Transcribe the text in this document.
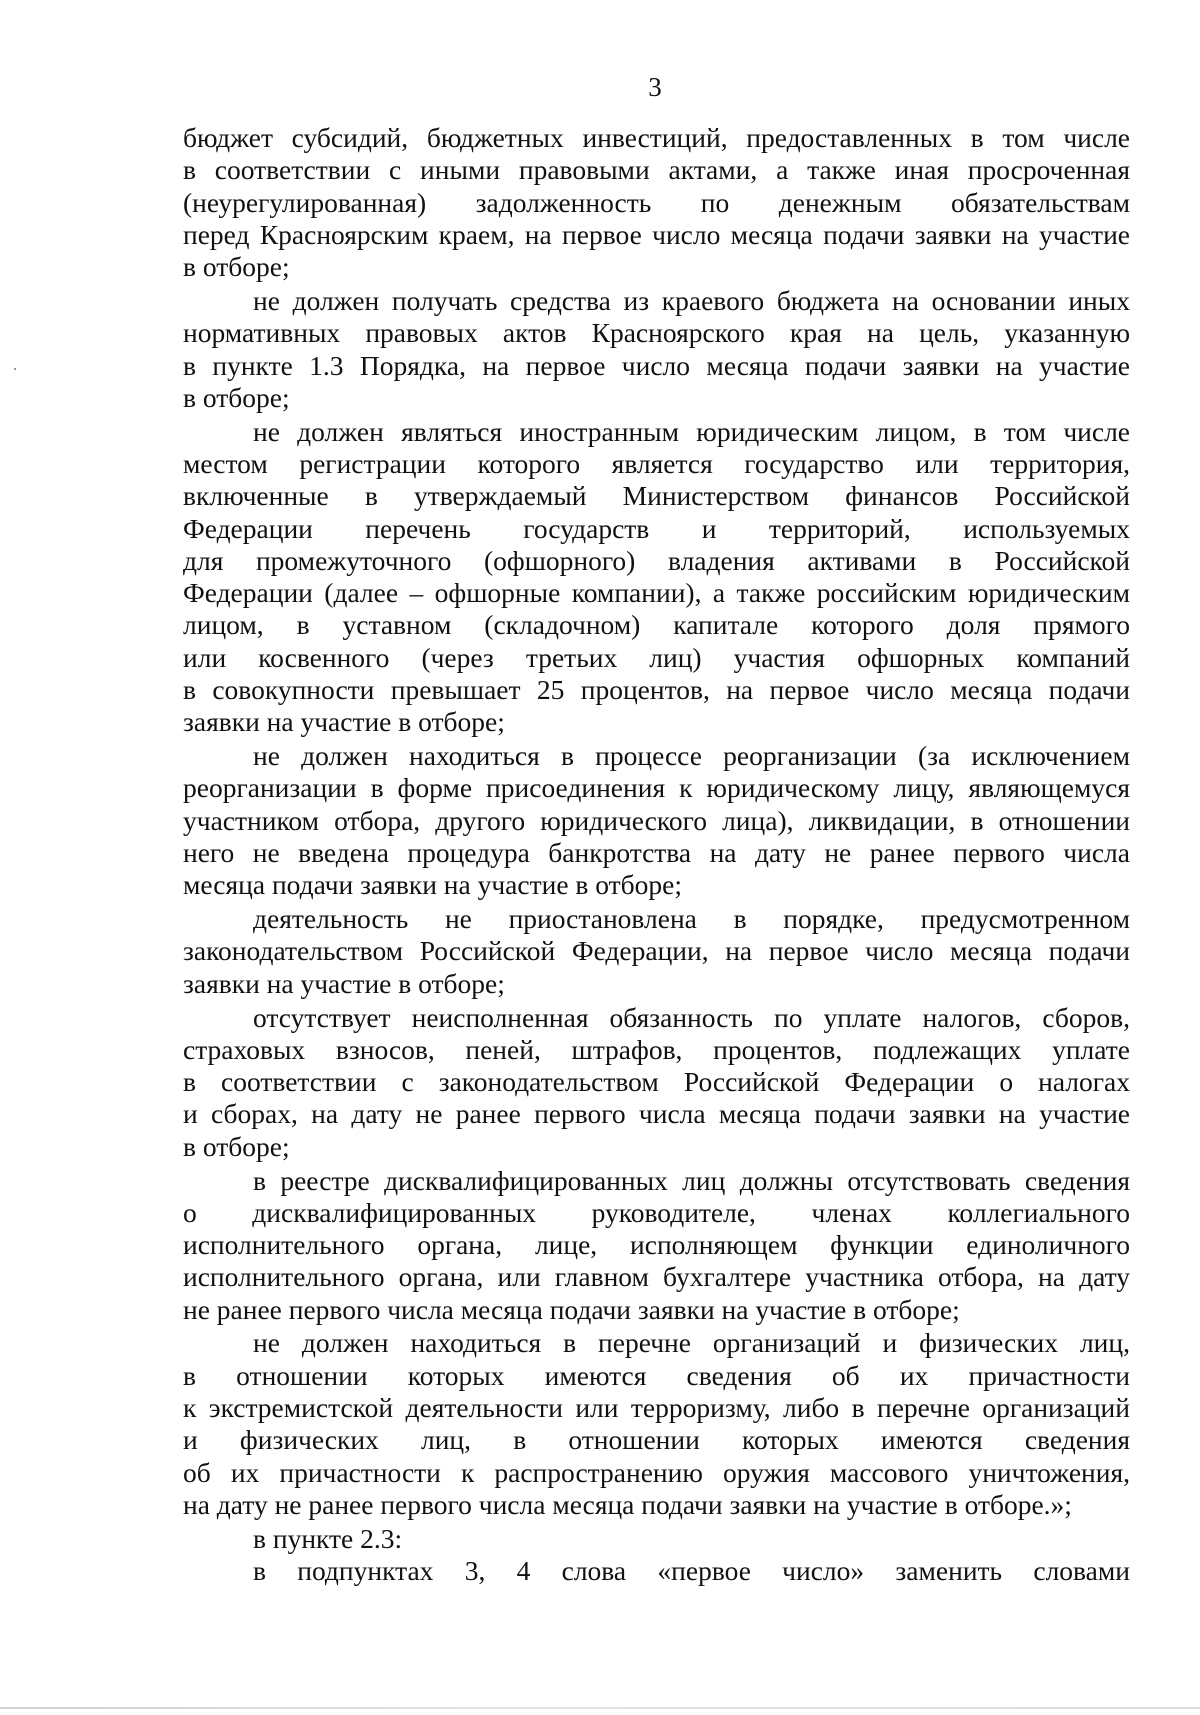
3
бюджет субсидий, бюджетных инвестиций, предоставленных в том числе
в соответствии с иными правовыми актами, а также иная просроченная
(неурегулированная) задолженность по денежным обязательствам
перед Красноярским краем, на первое число месяца подачи заявки на участие
в отборе;
не должен получать средства из краевого бюджета на основании иных
нормативных правовых актов Красноярского края на цель, указанную
в пункте 1.3 Порядка, на первое число месяца подачи заявки на участие
в отборе;
не должен являться иностранным юридическим лицом, в том числе
местом регистрации которого является государство или территория,
включенные в утверждаемый Министерством финансов Российской
Федерации перечень государств и территорий, используемых
для промежуточного (офшорного) владения активами в Российской
Федерации (далее – офшорные компании), а также российским юридическим
лицом, в уставном (складочном) капитале которого доля прямого
или косвенного (через третьих лиц) участия офшорных компаний
в совокупности превышает 25 процентов, на первое число месяца подачи
заявки на участие в отборе;
не должен находиться в процессе реорганизации (за исключением
реорганизации в форме присоединения к юридическому лицу, являющемуся
участником отбора, другого юридического лица), ликвидации, в отношении
него не введена процедура банкротства на дату не ранее первого числа
месяца подачи заявки на участие в отборе;
деятельность не приостановлена в порядке, предусмотренном
законодательством Российской Федерации, на первое число месяца подачи
заявки на участие в отборе;
отсутствует неисполненная обязанность по уплате налогов, сборов,
страховых взносов, пеней, штрафов, процентов, подлежащих уплате
в соответствии с законодательством Российской Федерации о налогах
и сборах, на дату не ранее первого числа месяца подачи заявки на участие
в отборе;
в реестре дисквалифицированных лиц должны отсутствовать сведения
о дисквалифицированных руководителе, членах коллегиального
исполнительного органа, лице, исполняющем функции единоличного
исполнительного органа, или главном бухгалтере участника отбора, на дату
не ранее первого числа месяца подачи заявки на участие в отборе;
не должен находиться в перечне организаций и физических лиц,
в отношении которых имеются сведения об их причастности
к экстремистской деятельности или терроризму, либо в перечне организаций
и физических лиц, в отношении которых имеются сведения
об их причастности к распространению оружия массового уничтожения,
на дату не ранее первого числа месяца подачи заявки на участие в отборе.»;
в пункте 2.3:
в подпунктах 3, 4 слова «первое число» заменить словами
